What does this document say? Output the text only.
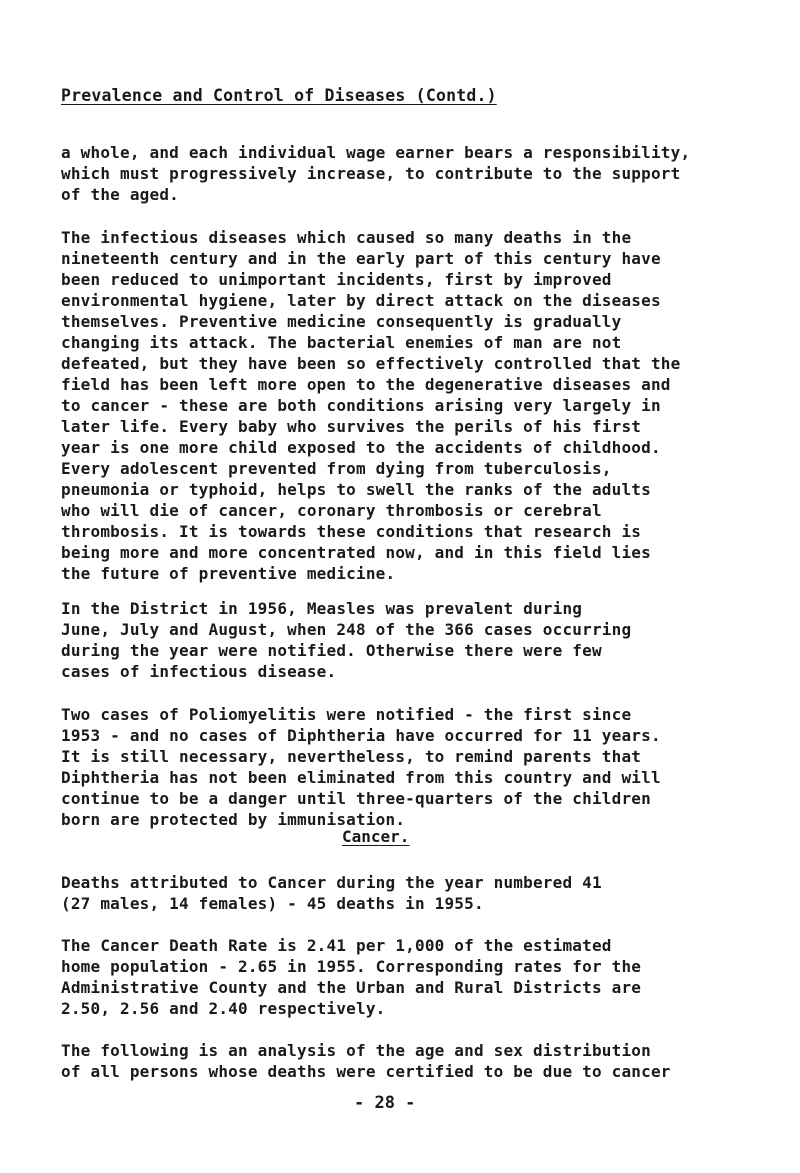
Prevalence and Control of Diseases (Contd.)
a whole, and each individual wage earner bears a responsibility,
which must progressively increase, to contribute to the support
of the aged.
The infectious diseases which caused so many deaths in the
nineteenth century and in the early part of this century have
been reduced to unimportant incidents, first by improved
environmental hygiene, later by direct attack on the diseases
themselves. Preventive medicine consequently is gradually
changing its attack. The bacterial enemies of man are not
defeated, but they have been so effectively controlled that the
field has been left more open to the degenerative diseases and
to cancer - these are both conditions arising very largely in
later life. Every baby who survives the perils of his first
year is one more child exposed to the accidents of childhood.
Every adolescent prevented from dying from tuberculosis,
pneumonia or typhoid, helps to swell the ranks of the adults
who will die of cancer, coronary thrombosis or cerebral
thrombosis. It is towards these conditions that research is
being more and more concentrated now, and in this field lies
the future of preventive medicine.
In the District in 1956, Measles was prevalent during
June, July and August, when 248 of the 366 cases occurring
during the year were notified. Otherwise there were few
cases of infectious disease.
Two cases of Poliomyelitis were notified - the first since
1953 - and no cases of Diphtheria have occurred for 11 years.
It is still necessary, nevertheless, to remind parents that
Diphtheria has not been eliminated from this country and will
continue to be a danger until three-quarters of the children
born are protected by immunisation.
Cancer.
Deaths attributed to Cancer during the year numbered 41
(27 males, 14 females) - 45 deaths in 1955.
The Cancer Death Rate is 2.41 per 1,000 of the estimated
home population - 2.65 in 1955. Corresponding rates for the
Administrative County and the Urban and Rural Districts are
2.50, 2.56 and 2.40 respectively.
The following is an analysis of the age and sex distribution
of all persons whose deaths were certified to be due to cancer
- 28 -
